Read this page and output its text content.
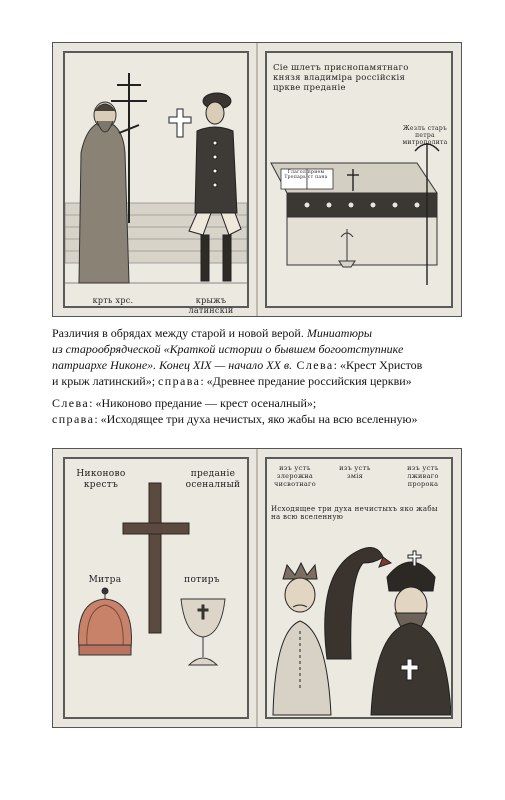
крть хрс.	крыжъ латинскій
Сіе шлетъ приснопамятнаго князя владиміра россійскія цркве преданіе
Жезлъ старъ петра митрополита
Глагол прием Тропарь ст пана
Различия в обрядах между старой и новой верой. Миниатюры
из старообрядческой «Краткой истории о бывшем богоотступнике
патриархе Никоне». Конец XIX — начало XX в. Слева: «Крест Христов
и крыж латинский»; справа: «Древнее предание российския церкви»
Слева: «Никоново предание — крест осеналный»;
справа: «Исходящее три духа нечистых, яко жабы на всю вселенную»
Никоново крестъ
преданіе осеналный
Митра	потиръ
изъ устъ злерожна чисвотнаго
изъ устъ змія
изъ устъ лживаго пророка
Исходящее три духа нечистыхъ яко жабы на всю вселенную
